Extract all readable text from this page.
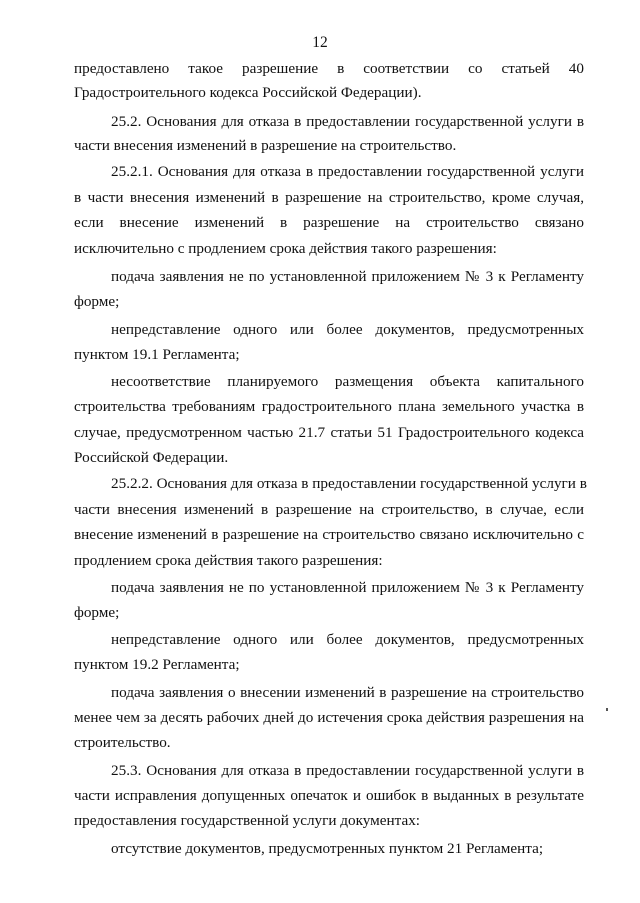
12
предоставлено такое разрешение в соответствии со статьей 40
Градостроительного кодекса Российской Федерации).
25.2. Основания для отказа в предоставлении государственной услуги в
части внесения изменений в разрешение на строительство.
25.2.1. Основания для отказа в предоставлении государственной услуги
в части внесения изменений в разрешение на строительство, кроме случая,
если внесение изменений в разрешение на строительство связано
исключительно с продлением срока действия такого разрешения:
подача заявления не по установленной приложением № 3 к Регламенту
форме;
непредставление одного или более документов, предусмотренных
пунктом 19.1 Регламента;
несоответствие планируемого размещения объекта капитального
строительства требованиям градостроительного плана земельного участка в
случае, предусмотренном частью 21.7 статьи 51 Градостроительного кодекса
Российской Федерации.
25.2.2. Основания для отказа в предоставлении государственной услуги в
части внесения изменений в разрешение на строительство, в случае, если
внесение изменений в разрешение на строительство связано исключительно с
продлением срока действия такого разрешения:
подача заявления не по установленной приложением № 3 к Регламенту
форме;
непредставление одного или более документов, предусмотренных
пунктом 19.2 Регламента;
подача заявления о внесении изменений в разрешение на строительство
менее чем за десять рабочих дней до истечения срока действия разрешения на
строительство.
25.3. Основания для отказа в предоставлении государственной услуги в
части исправления допущенных опечаток и ошибок в выданных в результате
предоставления государственной услуги документах:
отсутствие документов, предусмотренных пунктом 21 Регламента;
